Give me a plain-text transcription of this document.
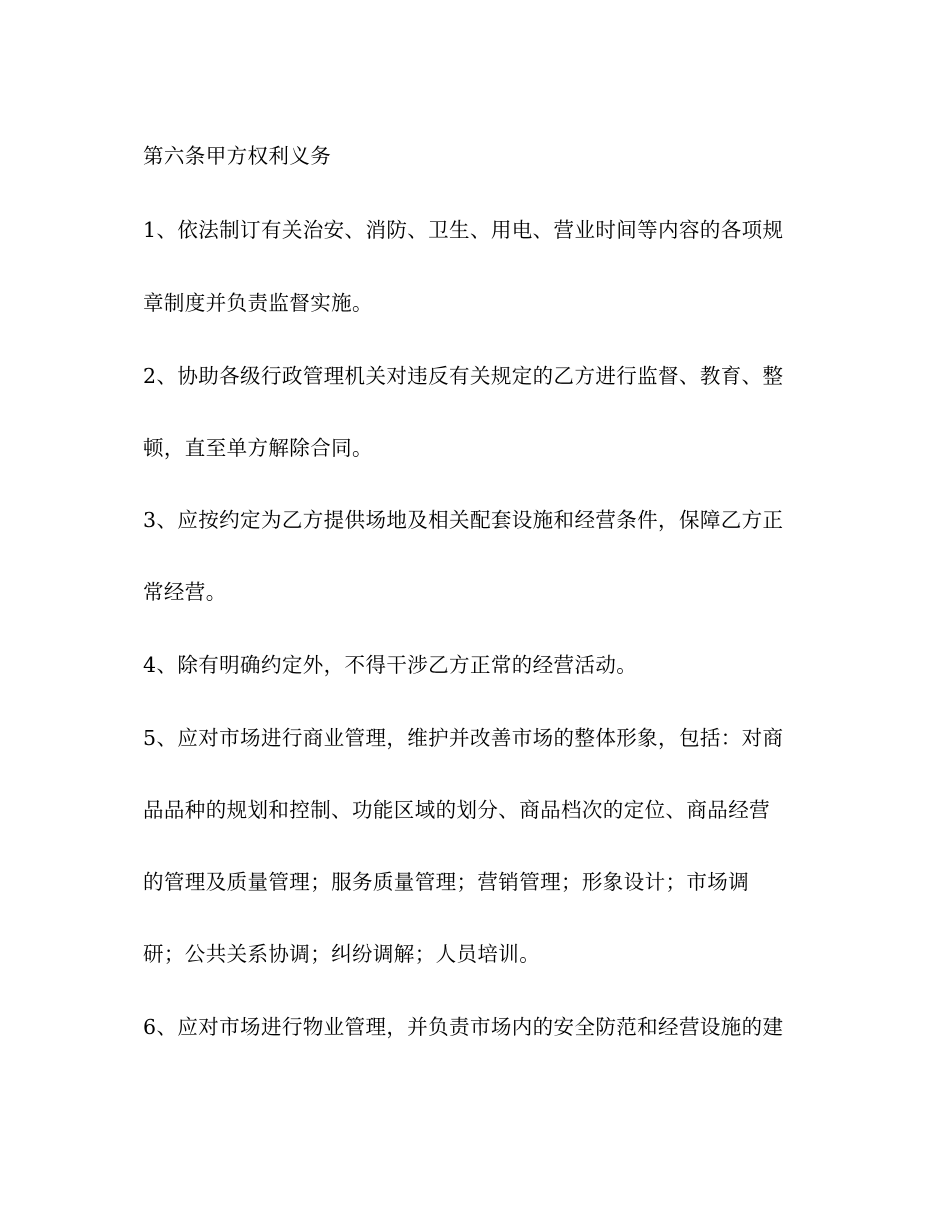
第六条甲方权利义务
1、依法制订有关治安、消防、卫生、用电、营业时间等内容的各项规
章制度并负责监督实施。
2、协助各级行政管理机关对违反有关规定的乙方进行监督、教育、整
顿，直至单方解除合同。
3、应按约定为乙方提供场地及相关配套设施和经营条件，保障乙方正
常经营。
4、除有明确约定外，不得干涉乙方正常的经营活动。
5、应对市场进行商业管理，维护并改善市场的整体形象，包括：对商
品品种的规划和控制、功能区域的划分、商品档次的定位、商品经营
的管理及质量管理；服务质量管理；营销管理；形象设计；市场调
研；公共关系协调；纠纷调解；人员培训。
6、应对市场进行物业管理，并负责市场内的安全防范和经营设施的建
